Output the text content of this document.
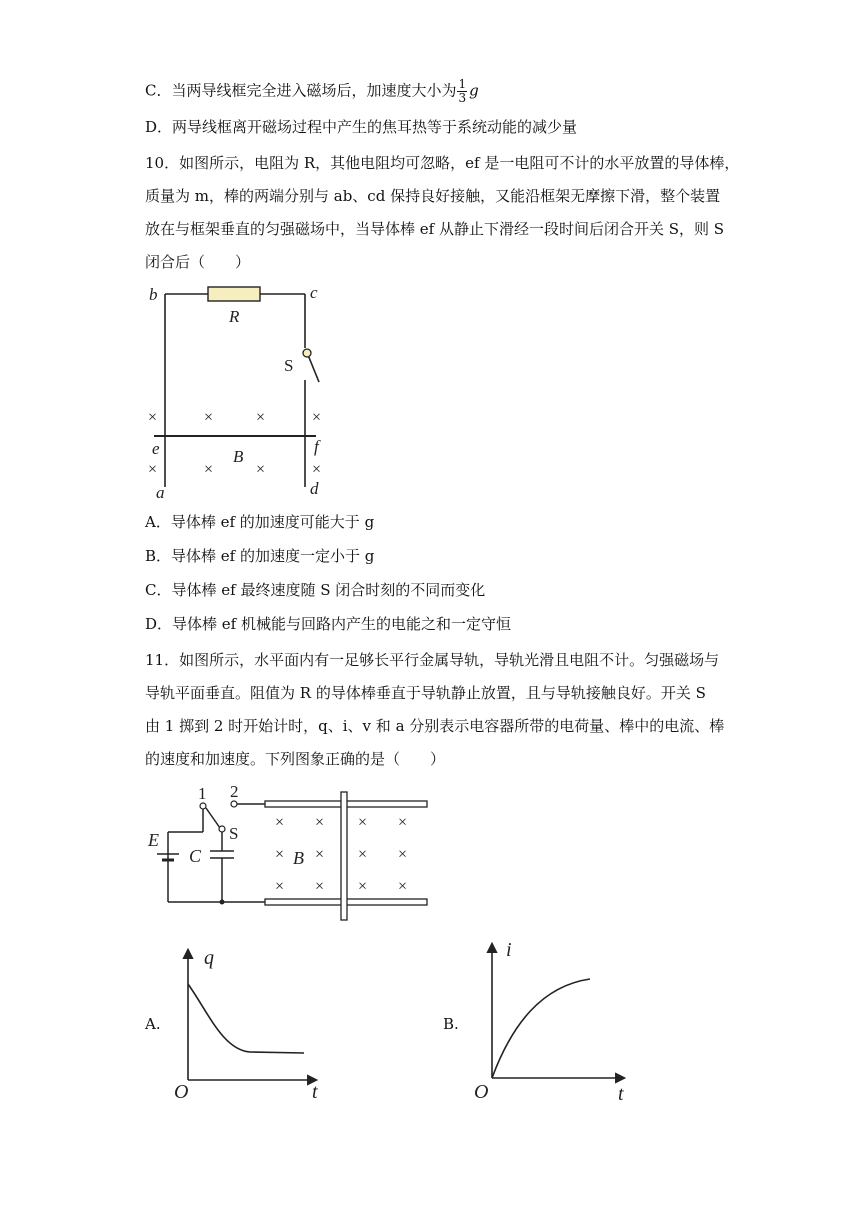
C．当两导线框完全进入磁场后，加速度大小为 $\frac{1}{3}$ g
D．两导线框离开磁场过程中产生的焦耳热等于系统动能的减少量
10．如图所示，电阻为 R，其他电阻均可忽略，ef 是一电阻可不计的水平放置的导体棒，
质量为 m，棒的两端分别与 ab、cd 保持良好接触，又能沿框架无摩擦下滑，整个装置
放在与框架垂直的匀强磁场中，当导体棒 ef 从静止下滑经一段时间后闭合开关 S，则 S
闭合后（　　）
b	c
R
e	f
B
a	d
S
×	×	×	×
×	×	×	×
A．导体棒 ef 的加速度可能大于 g
B．导体棒 ef 的加速度一定小于 g
C．导体棒 ef 最终速度随 S 闭合时刻的不同而变化
D．导体棒 ef 机械能与回路内产生的电能之和一定守恒
11．如图所示，水平面内有一足够长平行金属导轨，导轨光滑且电阻不计。匀强磁场与
导轨平面垂直。阻值为 R 的导体棒垂直于导轨静止放置，且与导轨接触良好。开关 S
由 1 掷到 2 时开始计时，q、i、v 和 a 分别表示电容器所带的电荷量、棒中的电流、棒
的速度和加速度。下列图象正确的是（　　）
1 2
S
E
C	B
× × × ×
× × × ×
× × × ×
A.
q
t
O
B.
i
t
O
